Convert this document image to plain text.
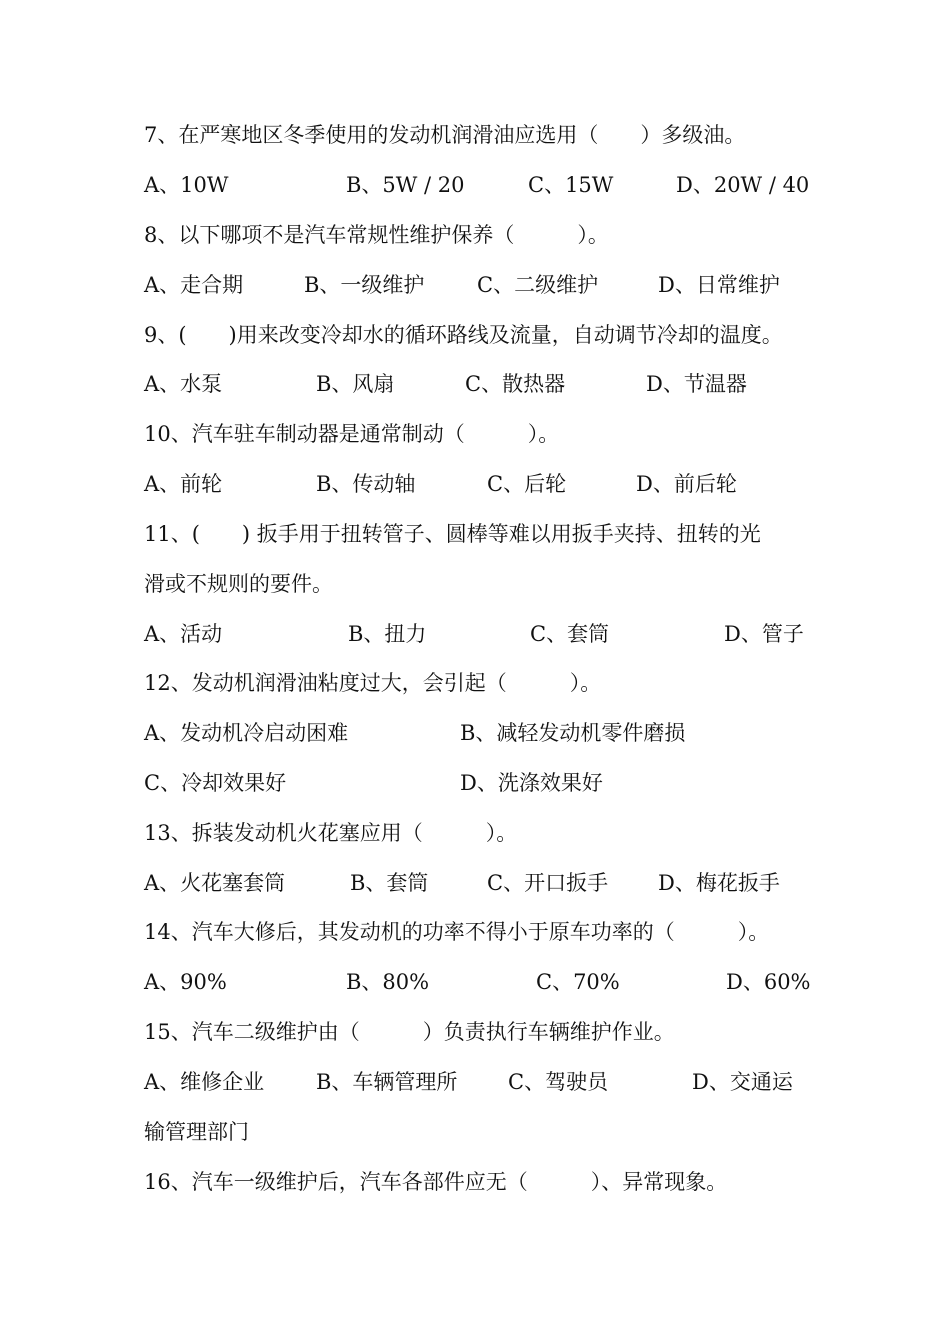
7、在严寒地区冬季使用的发动机润滑油应选用（　　）多级油。
A、10W	B、5W / 20	C、15W	D、20W / 40
8、以下哪项不是汽车常规性维护保养（　　　）。
A、走合期	B、一级维护	C、二级维护	D、日常维护
9、(　　)用来改变冷却水的循环路线及流量，自动调节冷却的温度。
A、水泵	B、风扇	C、散热器	D、节温器
10、汽车驻车制动器是通常制动（　　　）。
A、前轮	B、传动轴	C、后轮	D、前后轮
11、(　　) 扳手用于扭转管子、圆棒等难以用扳手夹持、扭转的光
滑或不规则的要件。
A、活动	B、扭力	C、套筒	D、管子
12、发动机润滑油粘度过大，会引起（　　　）。
A、发动机冷启动困难	B、减轻发动机零件磨损
C、冷却效果好	D、洗涤效果好
13、拆装发动机火花塞应用（　　　）。
A、火花塞套筒	B、套筒	C、开口扳手 D、梅花扳手
14、汽车大修后，其发动机的功率不得小于原车功率的（　　　）。
A、90%	B、80%	C、70%	D、60%
15、汽车二级维护由（　　　）负责执行车辆维护作业。
A、维修企业 B、车辆管理所 C、驾驶员	D、交通运
输管理部门
16、汽车一级维护后，汽车各部件应无（　　　）、异常现象。
